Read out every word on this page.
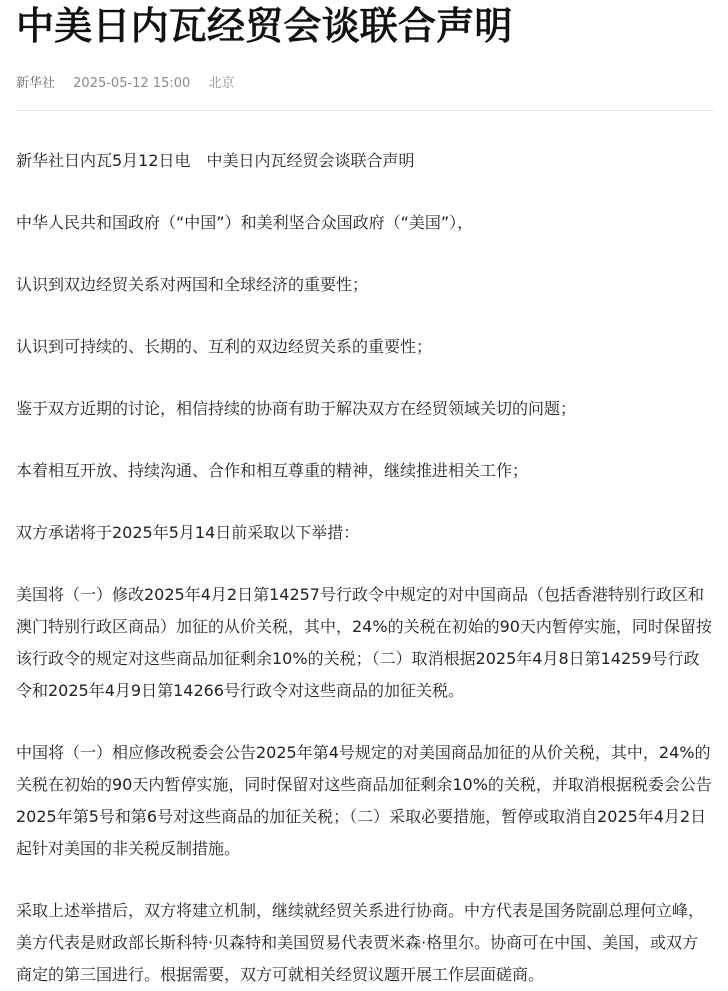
中美日内瓦经贸会谈联合声明
新华社 2025-05-12 15:00 北京

新华社日内瓦5月12日电　中美日内瓦经贸会谈联合声明

中华人民共和国政府（“中国”）和美利坚合众国政府（“美国”），

认识到双边经贸关系对两国和全球经济的重要性；

认识到可持续的、长期的、互利的双边经贸关系的重要性；

鉴于双方近期的讨论，相信持续的协商有助于解决双方在经贸领域关切的问题；

本着相互开放、持续沟通、合作和相互尊重的精神，继续推进相关工作；

双方承诺将于2025年5月14日前采取以下举措：

美国将（一）修改2025年4月2日第14257号行政令中规定的对中国商品（包括香港特别行政区和澳门特别行政区商品）加征的从价关税，其中，24%的关税在初始的90天内暂停实施，同时保留按该行政令的规定对这些商品加征剩余10%的关税；（二）取消根据2025年4月8日第14259号行政令和2025年4月9日第14266号行政令对这些商品的加征关税。

中国将（一）相应修改税委会公告2025年第4号规定的对美国商品加征的从价关税，其中，24%的关税在初始的90天内暂停实施，同时保留对这些商品加征剩余10%的关税，并取消根据税委会公告2025年第5号和第6号对这些商品的加征关税；（二）采取必要措施，暂停或取消自2025年4月2日起针对美国的非关税反制措施。

采取上述举措后，双方将建立机制，继续就经贸关系进行协商。中方代表是国务院副总理何立峰，美方代表是财政部长斯科特·贝森特和美国贸易代表贾米森·格里尔。协商可在中国、美国，或双方商定的第三国进行。根据需要，双方可就相关经贸议题开展工作层面磋商。
